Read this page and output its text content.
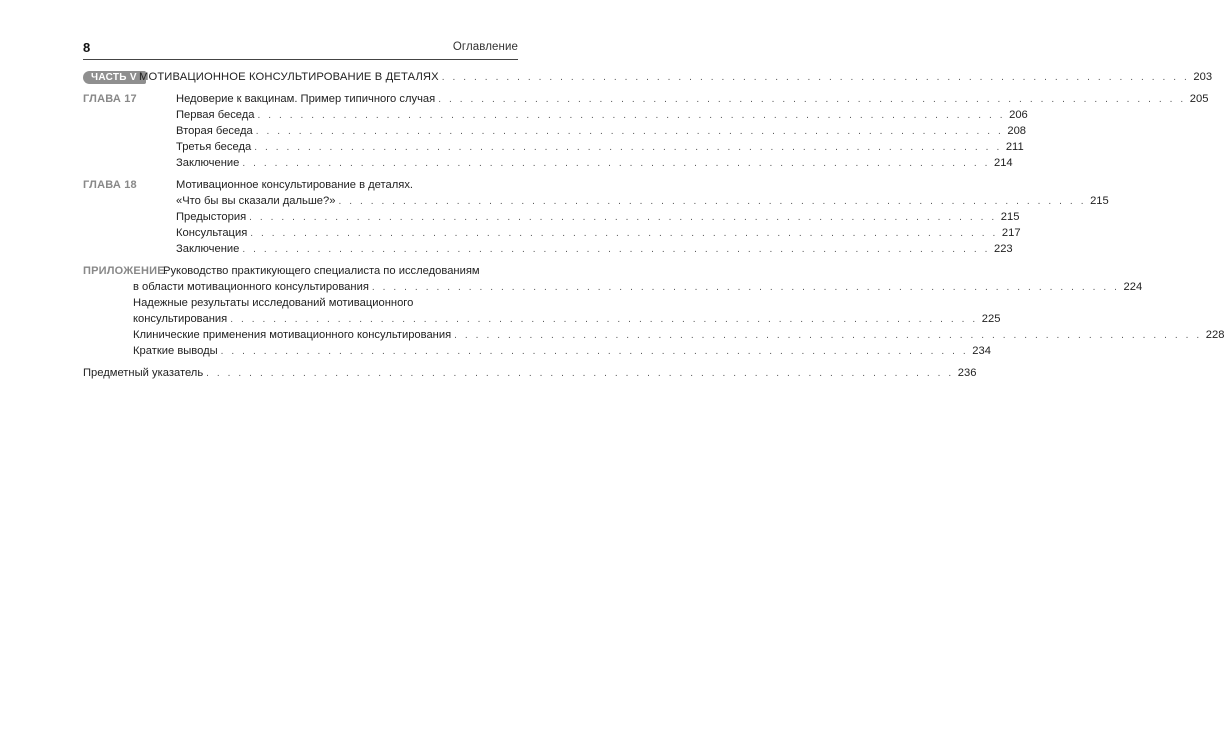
8	Оглавление
ЧАСТЬ V МОТИВАЦИОННОЕ КОНСУЛЬТИРОВАНИЕ В ДЕТАЛЯХ . . . . . . . . . . . . . . . . . . . . . . . . . . . . . . . . . . . . . . . . . . . . . . . . . . . . . . . . . . . . . . . . . . . . . . 203
ГЛАВА 17	Недоверие к вакцинам. Пример типичного случая . . . . . . . . . . . . . . . . . . . . . . . . . . . . . . . . . . . . . . . . . . . . . . . . . . . . . . . . . . . . . . . . . . . . . . 205
Первая беседа . . . . . . . . . . . . . . . . . . . . . . . . . . . . . . . . . . . . . . . . . . . . . . . . . . . . . . . . . . . . . . . . . . . . . . 206
Вторая беседа . . . . . . . . . . . . . . . . . . . . . . . . . . . . . . . . . . . . . . . . . . . . . . . . . . . . . . . . . . . . . . . . . . . . . . 208
Третья беседа . . . . . . . . . . . . . . . . . . . . . . . . . . . . . . . . . . . . . . . . . . . . . . . . . . . . . . . . . . . . . . . . . . . . . . 211
Заключение . . . . . . . . . . . . . . . . . . . . . . . . . . . . . . . . . . . . . . . . . . . . . . . . . . . . . . . . . . . . . . . . . . . . . . 214
ГЛАВА 18	Мотивационное консультирование в деталях.
«Что бы вы сказали дальше?» . . . . . . . . . . . . . . . . . . . . . . . . . . . . . . . . . . . . . . . . . . . . . . . . . . . . . . . . . . . . . . . . . . . . . . 215
Предыстория . . . . . . . . . . . . . . . . . . . . . . . . . . . . . . . . . . . . . . . . . . . . . . . . . . . . . . . . . . . . . . . . . . . . . . 215
Консультация . . . . . . . . . . . . . . . . . . . . . . . . . . . . . . . . . . . . . . . . . . . . . . . . . . . . . . . . . . . . . . . . . . . . . . 217
Заключение . . . . . . . . . . . . . . . . . . . . . . . . . . . . . . . . . . . . . . . . . . . . . . . . . . . . . . . . . . . . . . . . . . . . . . 223
ПРИЛОЖЕНИЕ.
Руководство практикующего специалиста по исследованиям
в области мотивационного консультирования . . . . . . . . . . . . . . . . . . . . . . . . . . . . . . . . . . . . . . . . . . . . . . . . . . . . . . . . . . . . . . . . . . . . . . 224
Надежные результаты исследований мотивационного
консультирования . . . . . . . . . . . . . . . . . . . . . . . . . . . . . . . . . . . . . . . . . . . . . . . . . . . . . . . . . . . . . . . . . . . . . . 225
Клинические применения мотивационного консультирования . . . . . . . . . . . . . . . . . . . . . . . . . . . . . . . . . . . . . . . . . . . . . . . . . . . . . . . . . . . . . . . . . . . . . . 228
Краткие выводы . . . . . . . . . . . . . . . . . . . . . . . . . . . . . . . . . . . . . . . . . . . . . . . . . . . . . . . . . . . . . . . . . . . . . . 234
Предметный указатель . . . . . . . . . . . . . . . . . . . . . . . . . . . . . . . . . . . . . . . . . . . . . . . . . . . . . . . . . . . . . . . . . . . . . . 236
